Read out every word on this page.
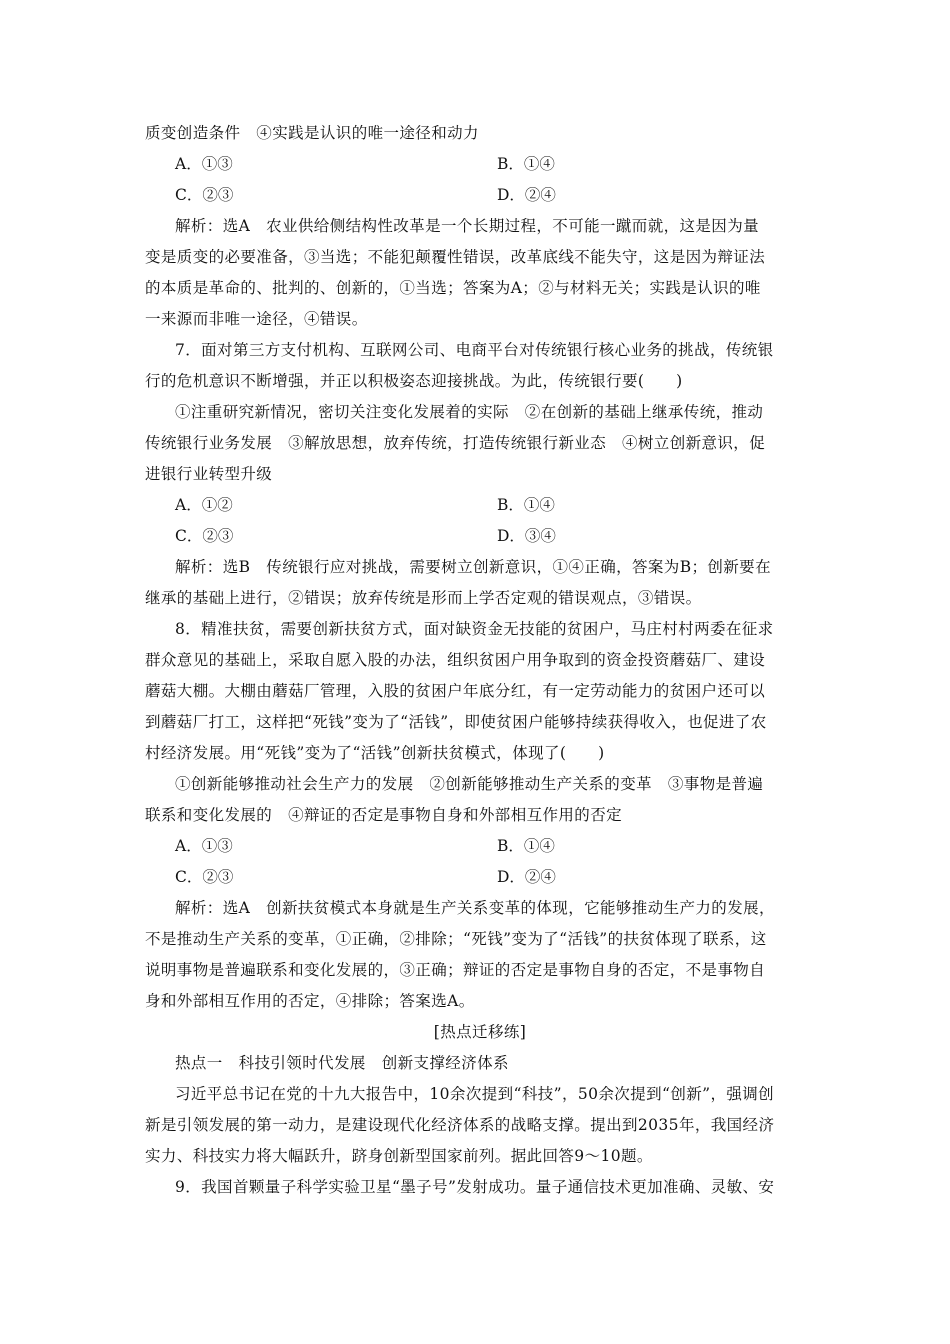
质变创造条件　④实践是认识的唯一途径和动力
A．①③	B．①④
C．②③	D．②④
解析：选A　农业供给侧结构性改革是一个长期过程，不可能一蹴而就，这是因为量
变是质变的必要准备，③当选；不能犯颠覆性错误，改革底线不能失守，这是因为辩证法
的本质是革命的、批判的、创新的，①当选；答案为A；②与材料无关；实践是认识的唯
一来源而非唯一途径，④错误。
7．面对第三方支付机构、互联网公司、电商平台对传统银行核心业务的挑战，传统银
行的危机意识不断增强，并正以积极姿态迎接挑战。为此，传统银行要(　　)
①注重研究新情况，密切关注变化发展着的实际　②在创新的基础上继承传统，推动
传统银行业务发展　③解放思想，放弃传统，打造传统银行新业态　④树立创新意识，促
进银行业转型升级
A．①②	B．①④
C．②③	D．③④
解析：选B　传统银行应对挑战，需要树立创新意识，①④正确，答案为B；创新要在
继承的基础上进行，②错误；放弃传统是形而上学否定观的错误观点，③错误。
8．精准扶贫，需要创新扶贫方式，面对缺资金无技能的贫困户，马庄村村两委在征求
群众意见的基础上，采取自愿入股的办法，组织贫困户用争取到的资金投资蘑菇厂、建设
蘑菇大棚。大棚由蘑菇厂管理，入股的贫困户年底分红，有一定劳动能力的贫困户还可以
到蘑菇厂打工，这样把“死钱”变为了“活钱”，即使贫困户能够持续获得收入，也促进了农
村经济发展。用“死钱”变为了“活钱”创新扶贫模式，体现了(　　)
①创新能够推动社会生产力的发展　②创新能够推动生产关系的变革　③事物是普遍
联系和变化发展的　④辩证的否定是事物自身和外部相互作用的否定
A．①③	B．①④
C．②③	D．②④
解析：选A　创新扶贫模式本身就是生产关系变革的体现，它能够推动生产力的发展，
不是推动生产关系的变革，①正确，②排除；“死钱”变为了“活钱”的扶贫体现了联系，这
说明事物是普遍联系和变化发展的，③正确；辩证的否定是事物自身的否定，不是事物自
身和外部相互作用的否定，④排除；答案选A。
[热点迁移练]
热点一　科技引领时代发展　创新支撑经济体系
习近平总书记在党的十九大报告中，10余次提到“科技”，50余次提到“创新”，强调创
新是引领发展的第一动力，是建设现代化经济体系的战略支撑。提出到2035年，我国经济
实力、科技实力将大幅跃升，跻身创新型国家前列。据此回答9～10题。
9．我国首颗量子科学实验卫星“墨子号”发射成功。量子通信技术更加准确、灵敏、安
